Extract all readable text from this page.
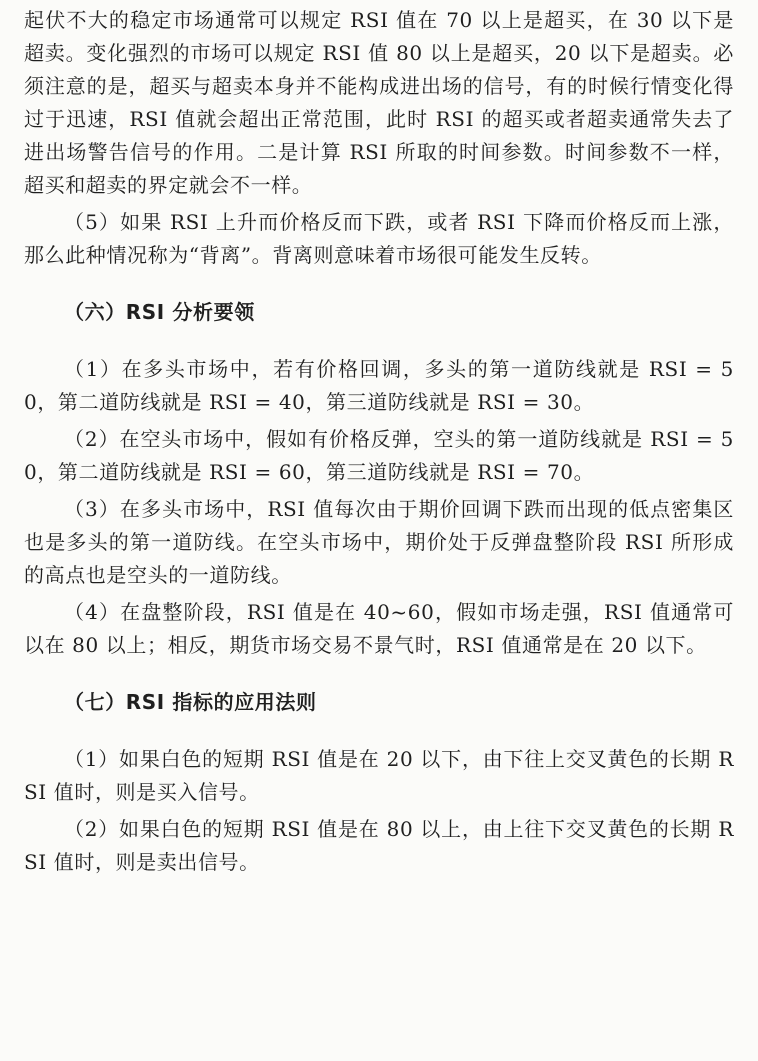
起伏不大的稳定市场通常可以规定 RSI 值在 70 以上是超买，在 30 以下是超卖。变化强烈的市场可以规定 RSI 值 80 以上是超买，20 以下是超卖。必须注意的是，超买与超卖本身并不能构成进出场的信号，有的时候行情变化得过于迅速，RSI 值就会超出正常范围，此时 RSI 的超买或者超卖通常失去了进出场警告信号的作用。二是计算 RSI 所取的时间参数。时间参数不一样，超买和超卖的界定就会不一样。

（5）如果 RSI 上升而价格反而下跌，或者 RSI 下降而价格反而上涨，那么此种情况称为“背离”。背离则意味着市场很可能发生反转。

（六）RSI 分析要领

（1）在多头市场中，若有价格回调，多头的第一道防线就是 RSI = 50，第二道防线就是 RSI = 40，第三道防线就是 RSI = 30。

（2）在空头市场中，假如有价格反弹，空头的第一道防线就是 RSI = 50，第二道防线就是 RSI = 60，第三道防线就是 RSI = 70。

（3）在多头市场中，RSI 值每次由于期价回调下跌而出现的低点密集区也是多头的第一道防线。在空头市场中，期价处于反弹盘整阶段 RSI 所形成的高点也是空头的一道防线。

（4）在盘整阶段，RSI 值是在 40~60，假如市场走强，RSI 值通常可以在 80 以上；相反，期货市场交易不景气时，RSI 值通常是在 20 以下。

（七）RSI 指标的应用法则

（1）如果白色的短期 RSI 值是在 20 以下，由下往上交叉黄色的长期 RSI 值时，则是买入信号。

（2）如果白色的短期 RSI 值是在 80 以上，由上往下交叉黄色的长期 RSI 值时，则是卖出信号。
